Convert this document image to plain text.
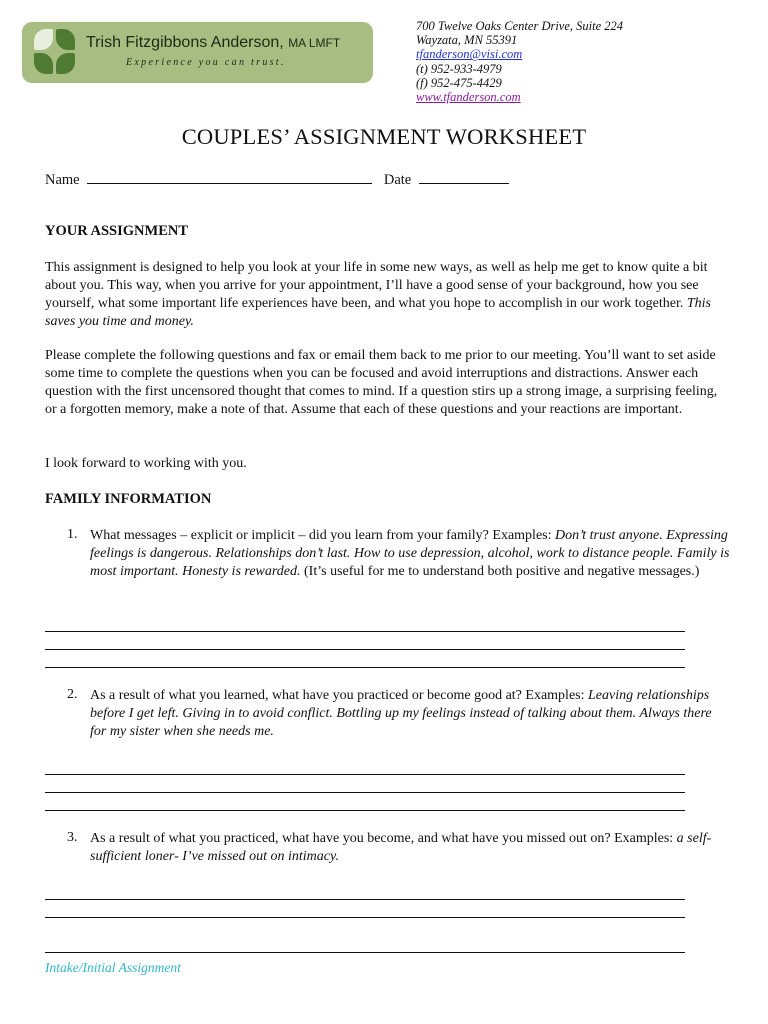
Trish Fitzgibbons Anderson, MA LMFT
Experience you can trust.
700 Twelve Oaks Center Drive, Suite 224
Wayzata, MN 55391
tfanderson@visi.com
(t) 952-933-4979
(f) 952-475-4429
www.tfanderson.com
COUPLES’ ASSIGNMENT WORKSHEET
Name	Date
YOUR ASSIGNMENT
This assignment is designed to help you look at your life in some new ways, as well as help me get to know quite a bit about you. This way, when you arrive for your appointment, I’ll have a good sense of your background, how you see yourself, what some important life experiences have been, and what you hope to accomplish in our work together. This saves you time and money.
Please complete the following questions and fax or email them back to me prior to our meeting. You’ll want to set aside some time to complete the questions when you can be focused and avoid interruptions and distractions. Answer each question with the first uncensored thought that comes to mind. If a question stirs up a strong image, a surprising feeling, or a forgotten memory, make a note of that. Assume that each of these questions and your reactions are important.
I look forward to working with you.
FAMILY INFORMATION
1. What messages – explicit or implicit – did you learn from your family? Examples: Don’t trust anyone. Expressing feelings is dangerous. Relationships don’t last. How to use depression, alcohol, work to distance people. Family is most important. Honesty is rewarded. (It’s useful for me to understand both positive and negative messages.)
2. As a result of what you learned, what have you practiced or become good at? Examples: Leaving relationships before I get left. Giving in to avoid conflict. Bottling up my feelings instead of talking about them. Always there for my sister when she needs me.
3. As a result of what you practiced, what have you become, and what have you missed out on? Examples: a self-sufficient loner- I’ve missed out on intimacy.
Intake/Initial Assignment
